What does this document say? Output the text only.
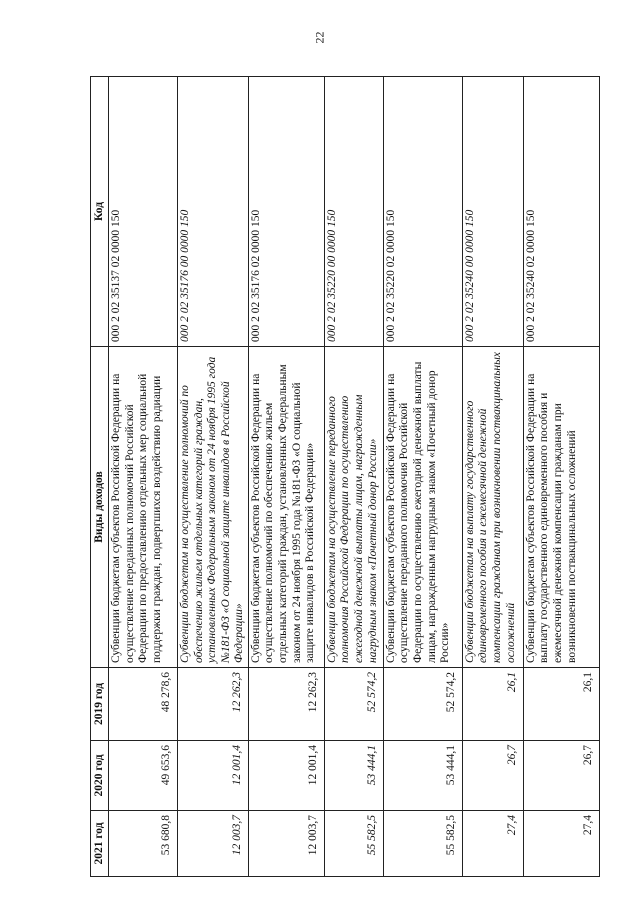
22
2021 год	2020 год	2019 год	Виды доходов	Код
53 680,8	49 653,6	48 278,6	Субвенции бюджетам субъектов Российской Федерации на осуществление переданных полномочий Российской Федерации по предоставлению отдельных мер социальной поддержки граждан, подвергшихся воздействию радиации	000 2 02 35137 02 0000 150
12 003,7	12 001,4	12 262,3	Субвенции бюджетам на осуществление полномочий по обеспечению жильем отдельных категорий граждан, установленных Федеральным законом от 24 ноября 1995 года №181-ФЗ «О социальной защите инвалидов в Российской Федерации»	000 2 02 35176 00 0000 150
12 003,7	12 001,4	12 262,3	Субвенции бюджетам субъектов Российской Федерации на осуществление полномочий по обеспечению жильем отдельных категорий граждан, установленных Федеральным законом от 24 ноября 1995 года №181-ФЗ «О социальной защите инвалидов в Российской Федерации»	000 2 02 35176 02 0000 150
55 582,5	53 444,1	52 574,2	Субвенции бюджетам на осуществление переданного полномочия Российской Федерации по осуществлению ежегодной денежной выплаты лицам, награжденным нагрудным знаком «Почетный донор России»	000 2 02 35220 00 0000 150
55 582,5	53 444,1	52 574,2	Субвенции бюджетам субъектов Российской Федерации на осуществление переданного полномочия Российской Федерации по осуществлению ежегодной денежной выплаты лицам, награжденным нагрудным знаком «Почетный донор России»	000 2 02 35220 02 0000 150
27,4	26,7	26,1	Субвенции бюджетам на выплату государственного единовременного пособия и ежемесячной денежной компенсации гражданам при возникновении поствакцинальных осложнений	000 2 02 35240 00 0000 150
27,4	26,7	26,1	Субвенции бюджетам субъектов Российской Федерации на выплату государственного единовременного пособия и ежемесячной денежной компенсации гражданам при возникновении поствакцинальных осложнений	000 2 02 35240 02 0000 150
